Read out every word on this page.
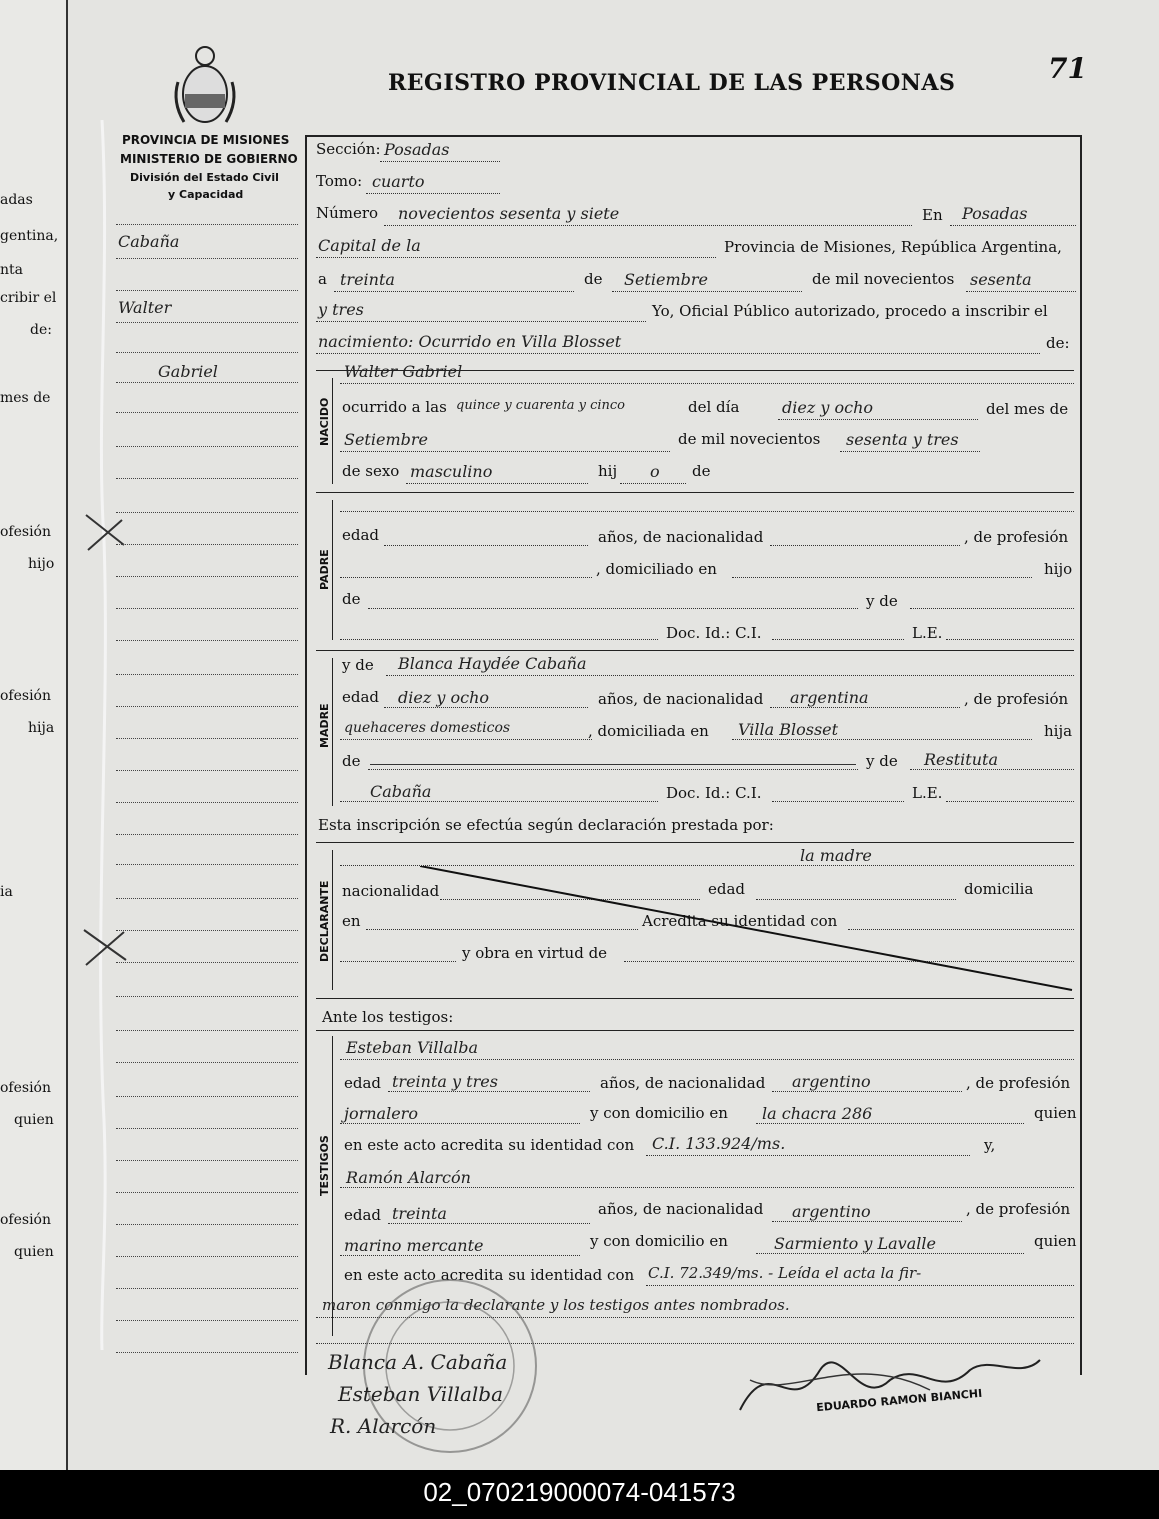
adas
gentina,
nta
cribir el
de:
mes de
ofesión
hijo
ofesión
hija
ia
ofesión
quien
ofesión
quien
REGISTRO PROVINCIAL DE LAS PERSONAS	71
PROVINCIA DE MISIONES
MINISTERIO DE GOBIERNO
División del Estado Civil
y Capacidad
Cabaña
Walter
Gabriel
Sección: Posadas
Tomo: cuarto
Número novecientos sesenta y siete	En Posadas
Capital de la	Provincia de Misiones, República Argentina,
a treinta	de Setiembre	de mil novecientos sesenta
y tres	Yo, Oficial Público autorizado, procedo a inscribir el
nacimiento: Ocurrido en Villa Blosset	de:
NACIDO
Walter Gabriel
ocurrido a las quince y cuarenta y cinco	del día	diez y ocho	del mes de
Setiembre	de mil novecientos sesenta y tres
de sexo masculino	hij o de
PADRE
edad	años, de nacionalidad	, de profesión
, domiciliado en	hijo
de	y de
Doc. Id.: C.I.	L.E.
MADRE
y de Blanca Haydée Cabaña
edad diez y ocho	años, de nacionalidad argentina	, de profesión
quehaceres domesticos	, domiciliada en Villa Blosset	hija
de	y de Restituta
Cabaña	Doc. Id.: C.I.	L.E.
Esta inscripción se efectúa según declaración prestada por:
DECLARANTE
la madre
nacionalidad	edad	domicilia
en	Acredita su identidad con
y obra en virtud de
Ante los testigos:
TESTIGOS
Esteban Villalba
edad treinta y tres	años, de nacionalidad argentino	, de profesión
jornalero	y con domicilio en la chacra 286	quien
en este acto acredita su identidad con C.I. 133.924/ms.	y,
Ramón Alarcón
edad treinta	años, de nacionalidad argentino	, de profesión
marino mercante	y con domicilio en	Sarmiento y Lavalle	quien
en este acto acredita su identidad con C.I. 72.349/ms. - Leída el acta la fir-
maron conmigo la declarante y los testigos antes nombrados.
Blanca A. Cabaña
Esteban Villalba
R. Alarcón
EDUARDO RAMON BIANCHI
02_070219000074-041573
